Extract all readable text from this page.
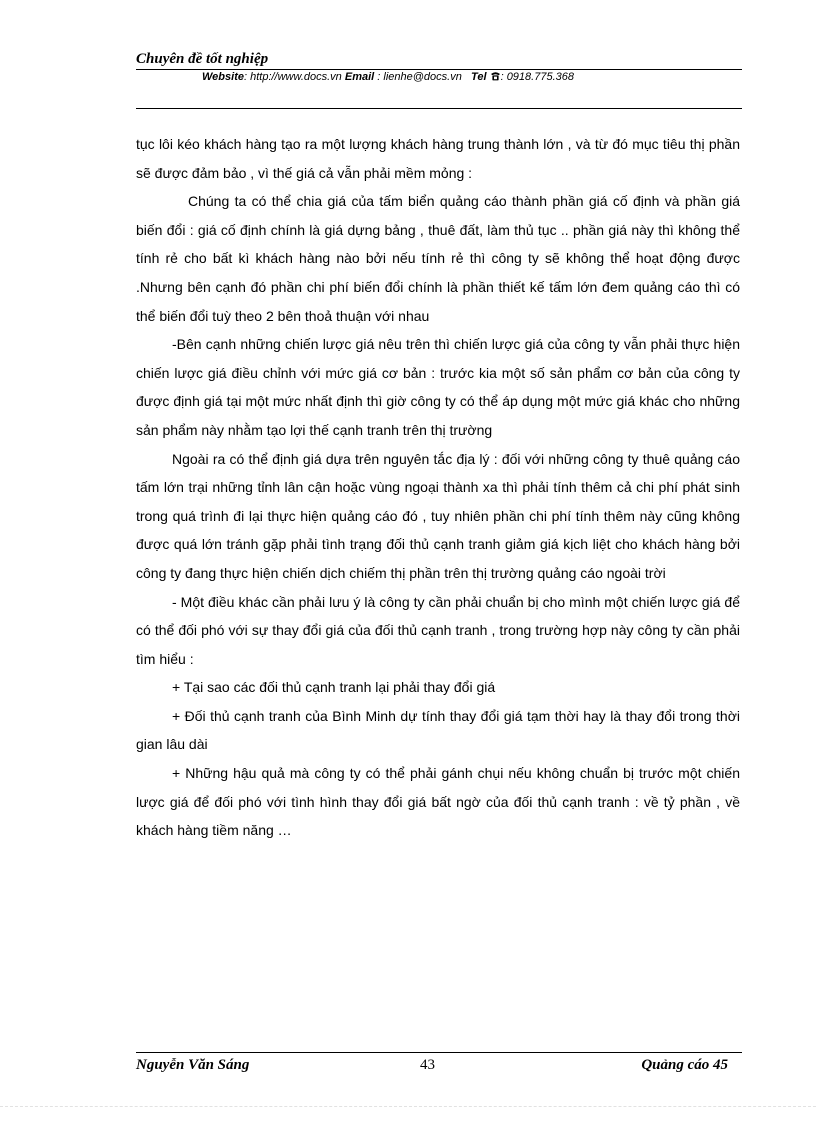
Chuyên đề tốt nghiệp
Website: http://www.docs.vn Email : lienhe@docs.vn Tel : 0918.775.368

tục lôi kéo khách hàng tạo ra một lượng khách hàng trung thành lớn , và từ đó mục tiêu thị phần sẽ được đảm bảo , vì thế giá cả vẫn phải mềm mỏng :

Chúng ta có thể chia giá của tấm biển quảng cáo thành phần giá cố định và phần giá biến đổi : giá cố định chính là giá dựng bảng , thuê đất, làm thủ tục .. phần giá này thì không thể tính rẻ cho bất kì khách hàng nào bởi nếu tính rẻ thì công ty sẽ không thể hoạt động được .Nhưng bên cạnh đó phần chi phí biến đổi chính là phần thiết kế tấm lớn đem quảng cáo thì có thể biến đổi tuỳ theo 2 bên thoả thuận với nhau

-Bên cạnh những chiến lược giá nêu trên thì chiến lược giá của công ty vẫn phải thực hiện chiến lược giá điều chỉnh với mức giá cơ bản : trước kia một số sản phẩm cơ bản của công ty được định giá tại một mức nhất định thì giờ công ty có thể áp dụng một mức giá khác cho những sản phẩm này nhằm tạo lợi thế cạnh tranh trên thị trường

Ngoài ra có thể định giá dựa trên nguyên tắc địa lý : đối với những công ty thuê quảng cáo tấm lớn trại những tỉnh lân cận hoặc vùng ngoại thành xa thì phải tính thêm cả chi phí phát sinh trong quá trình đi lại thực hiện quảng cáo đó , tuy nhiên phần chi phí tính thêm này cũng không được quá lớn tránh gặp phải tình trạng đối thủ cạnh tranh giảm giá kịch liệt cho khách hàng bởi công ty đang thực hiện chiến dịch chiếm thị phần trên thị trường quảng cáo ngoài trời

- Một điều khác cần phải lưu ý là công ty cần phải chuẩn bị cho mình một chiến lược giá để có thể đối phó với sự thay đổi giá của đối thủ cạnh tranh , trong trường hợp này công ty cần phải tìm hiểu :

+ Tại sao các đối thủ cạnh tranh lại phải thay đổi giá

+ Đối thủ cạnh tranh của Bình Minh dự tính thay đổi giá tạm thời hay là thay đổi trong thời gian lâu dài

+ Những hậu quả mà công ty có thể phải gánh chụi nếu không chuẩn bị trước một chiến lược giá để đối phó với tình hình thay đổi giá bất ngờ của đối thủ cạnh tranh : về tỷ phần , về khách hàng tiềm năng …

Nguyễn Văn Sáng	43	Quảng cáo 45
